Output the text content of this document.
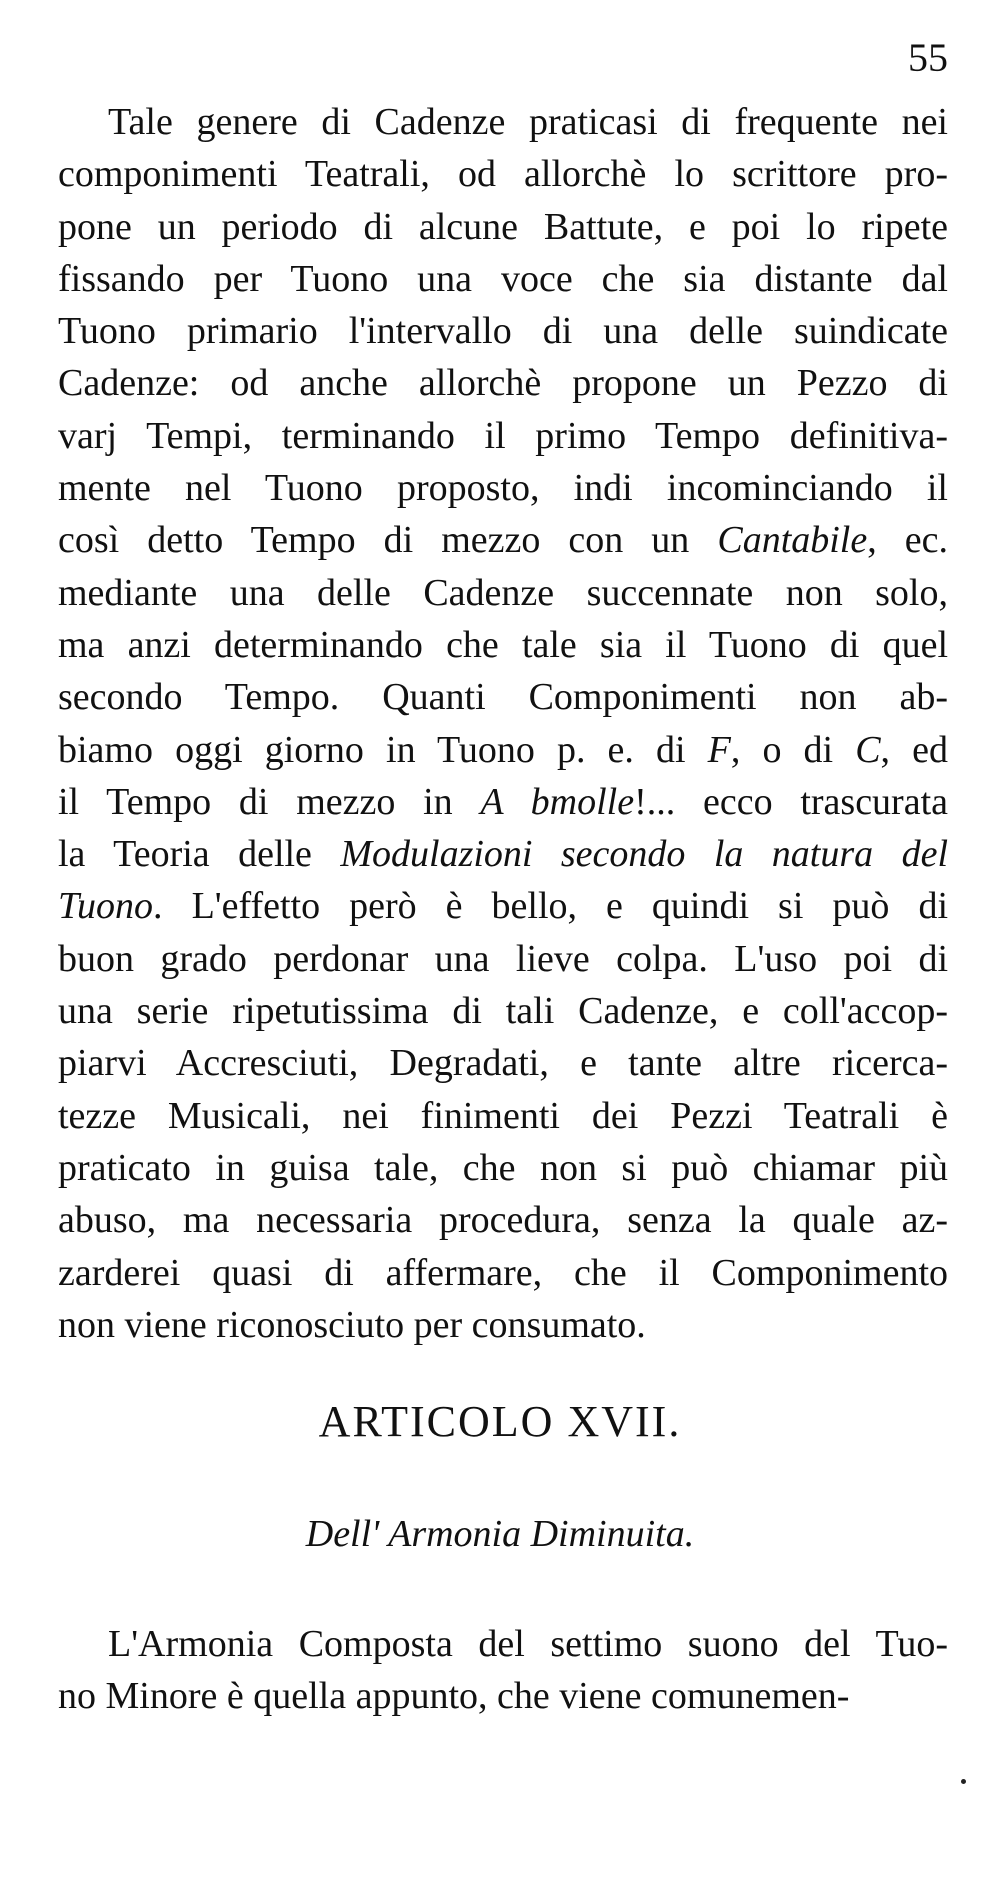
55
Tale genere di Cadenze praticasi di frequente nei
componimenti Teatrali, od allorchè lo scrittore pro-
pone un periodo di alcune Battute, e poi lo ripete
fissando per Tuono una voce che sia distante dal
Tuono primario l'intervallo di una delle suindicate
Cadenze: od anche allorchè propone un Pezzo di
varj Tempi, terminando il primo Tempo definitiva-
mente nel Tuono proposto, indi incominciando il
così detto Tempo di mezzo con un Cantabile, ec.
mediante una delle Cadenze succennate non solo,
ma anzi determinando che tale sia il Tuono di quel
secondo Tempo. Quanti Componimenti non ab-
biamo oggi giorno in Tuono p. e. di F, o di C, ed
il Tempo di mezzo in A bmolle!... ecco trascurata
la Teoria delle Modulazioni secondo la natura del
Tuono. L'effetto però è bello, e quindi si può di
buon grado perdonar una lieve colpa. L'uso poi di
una serie ripetutissima di tali Cadenze, e coll'accop-
piarvi Accresciuti, Degradati, e tante altre ricerca-
tezze Musicali, nei finimenti dei Pezzi Teatrali è
praticato in guisa tale, che non si può chiamar più
abuso, ma necessaria procedura, senza la quale az-
zarderei quasi di affermare, che il Componimento
non viene riconosciuto per consumato.
ARTICOLO XVII.
Dell' Armonia Diminuita.
L'Armonia Composta del settimo suono del Tuo-
no Minore è quella appunto, che viene comunemen-
